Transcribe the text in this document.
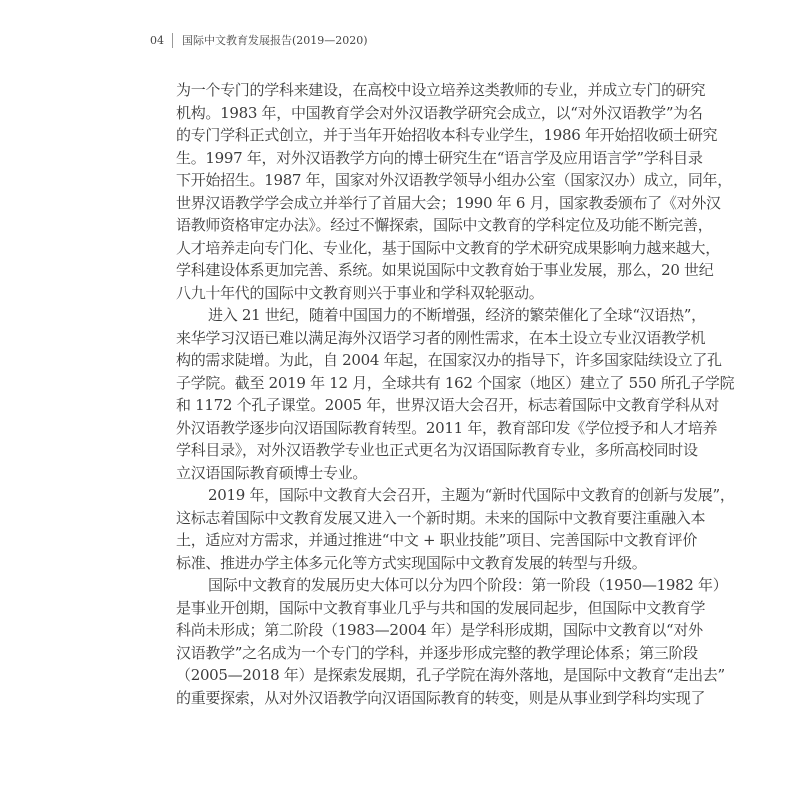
04	国际中文教育发展报告(2019—2020)
为一个专门的学科来建设，在高校中设立培养这类教师的专业，并成立专门的研究
机构。1983 年，中国教育学会对外汉语教学研究会成立，以“对外汉语教学”为名
的专门学科正式创立，并于当年开始招收本科专业学生，1986 年开始招收硕士研究
生。1997 年，对外汉语教学方向的博士研究生在“语言学及应用语言学”学科目录
下开始招生。1987 年，国家对外汉语教学领导小组办公室（国家汉办）成立，同年，
世界汉语教学学会成立并举行了首届大会；1990 年 6 月，国家教委颁布了《对外汉
语教师资格审定办法》。经过不懈探索，国际中文教育的学科定位及功能不断完善，
人才培养走向专门化、专业化，基于国际中文教育的学术研究成果影响力越来越大，
学科建设体系更加完善、系统。如果说国际中文教育始于事业发展，那么，20 世纪
八九十年代的国际中文教育则兴于事业和学科双轮驱动。
进入 21 世纪，随着中国国力的不断增强，经济的繁荣催化了全球“汉语热”，
来华学习汉语已难以满足海外汉语学习者的刚性需求，在本土设立专业汉语教学机
构的需求陡增。为此，自 2004 年起，在国家汉办的指导下，许多国家陆续设立了孔
子学院。截至 2019 年 12 月，全球共有 162 个国家（地区）建立了 550 所孔子学院
和 1172 个孔子课堂。2005 年，世界汉语大会召开，标志着国际中文教育学科从对
外汉语教学逐步向汉语国际教育转型。2011 年，教育部印发《学位授予和人才培养
学科目录》，对外汉语教学专业也正式更名为汉语国际教育专业，多所高校同时设
立汉语国际教育硕博士专业。
2019 年，国际中文教育大会召开，主题为“新时代国际中文教育的创新与发展”，
这标志着国际中文教育发展又进入一个新时期。未来的国际中文教育要注重融入本
土，适应对方需求，并通过推进“中文 + 职业技能”项目、完善国际中文教育评价
标准、推进办学主体多元化等方式实现国际中文教育发展的转型与升级。
国际中文教育的发展历史大体可以分为四个阶段：第一阶段（1950—1982 年）
是事业开创期，国际中文教育事业几乎与共和国的发展同起步，但国际中文教育学
科尚未形成；第二阶段（1983—2004 年）是学科形成期，国际中文教育以“对外
汉语教学”之名成为一个专门的学科，并逐步形成完整的教学理论体系；第三阶段
（2005—2018 年）是探索发展期，孔子学院在海外落地，是国际中文教育“走出去”
的重要探索，从对外汉语教学向汉语国际教育的转变，则是从事业到学科均实现了
